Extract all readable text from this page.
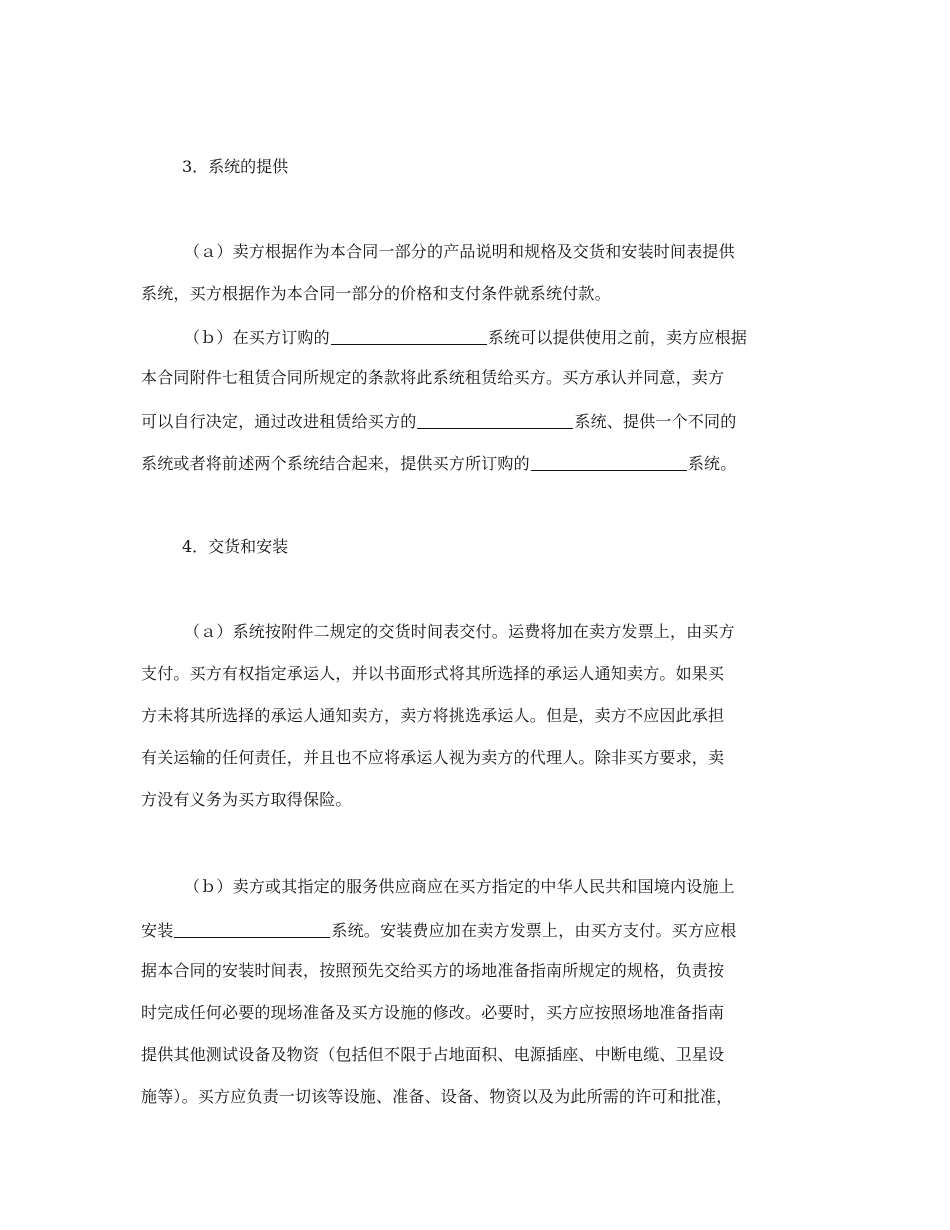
3．系统的提供
（ａ）卖方根据作为本合同一部分的产品说明和规格及交货和安装时间表提供
系统，买方根据作为本合同一部分的价格和支付条件就系统付款。
（ｂ）在买方订购的	系统可以提供使用之前，卖方应根据
本合同附件七租赁合同所规定的条款将此系统租赁给买方。买方承认并同意，卖方
可以自行决定，通过改进租赁给买方的	系统、提供一个不同的
系统或者将前述两个系统结合起来，提供买方所订购的	系统。
4．交货和安装
（ａ）系统按附件二规定的交货时间表交付。运费将加在卖方发票上，由买方
支付。买方有权指定承运人，并以书面形式将其所选择的承运人通知卖方。如果买
方未将其所选择的承运人通知卖方，卖方将挑选承运人。但是，卖方不应因此承担
有关运输的任何责任，并且也不应将承运人视为卖方的代理人。除非买方要求，卖
方没有义务为买方取得保险。
（ｂ）卖方或其指定的服务供应商应在买方指定的中华人民共和国境内设施上
安装	系统。安装费应加在卖方发票上，由买方支付。买方应根
据本合同的安装时间表，按照预先交给买方的场地准备指南所规定的规格，负责按
时完成任何必要的现场准备及买方设施的修改。必要时，买方应按照场地准备指南
提供其他测试设备及物资（包括但不限于占地面积、电源插座、中断电缆、卫星设
施等）。买方应负责一切该等设施、准备、设备、物资以及为此所需的许可和批准，
